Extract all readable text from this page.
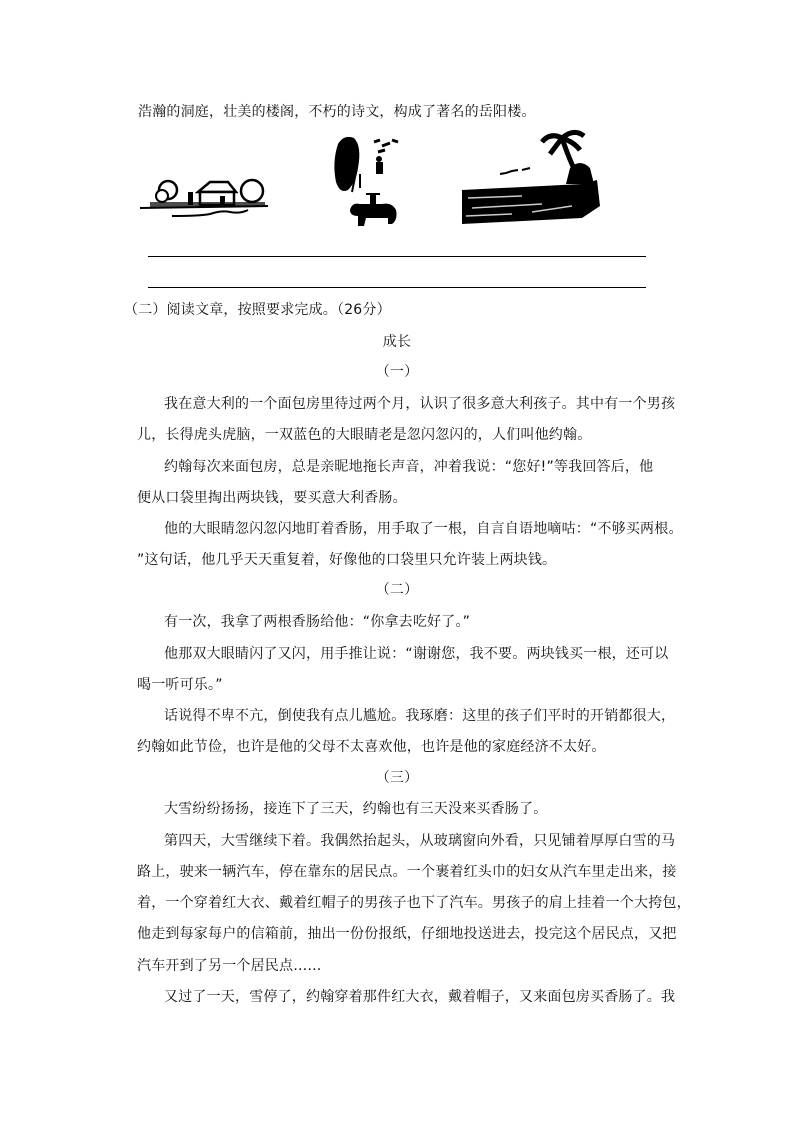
浩瀚的洞庭，壮美的楼阁，不朽的诗文，构成了著名的岳阳楼。
（二）阅读文章，按照要求完成。（26分）
成长
（一）
我在意大利的一个面包房里待过两个月，认识了很多意大利孩子。其中有一个男孩
儿，长得虎头虎脑，一双蓝色的大眼睛老是忽闪忽闪的，人们叫他约翰。
约翰每次来面包房，总是亲昵地拖长声音，冲着我说：“您好!”等我回答后，他
便从口袋里掏出两块钱，要买意大利香肠。
他的大眼睛忽闪忽闪地盯着香肠，用手取了一根，自言自语地嘀咕：“不够买两根。
”这句话，他几乎天天重复着，好像他的口袋里只允许装上两块钱。
（二）
有一次，我拿了两根香肠给他：“你拿去吃好了。”
他那双大眼睛闪了又闪，用手推让说：“谢谢您，我不要。两块钱买一根，还可以
喝一听可乐。”
话说得不卑不亢，倒使我有点儿尴尬。我琢磨：这里的孩子们平时的开销都很大，
约翰如此节俭，也许是他的父母不太喜欢他，也许是他的家庭经济不太好。
（三）
大雪纷纷扬扬，接连下了三天，约翰也有三天没来买香肠了。
第四天，大雪继续下着。我偶然抬起头，从玻璃窗向外看，只见铺着厚厚白雪的马
路上，驶来一辆汽车，停在靠东的居民点。一个裹着红头巾的妇女从汽车里走出来，接
着，一个穿着红大衣、戴着红帽子的男孩子也下了汽车。男孩子的肩上挂着一个大挎包，
他走到每家每户的信箱前，抽出一份份报纸，仔细地投送进去，投完这个居民点，又把
汽车开到了另一个居民点……
又过了一天，雪停了，约翰穿着那件红大衣，戴着帽子，又来面包房买香肠了。我
